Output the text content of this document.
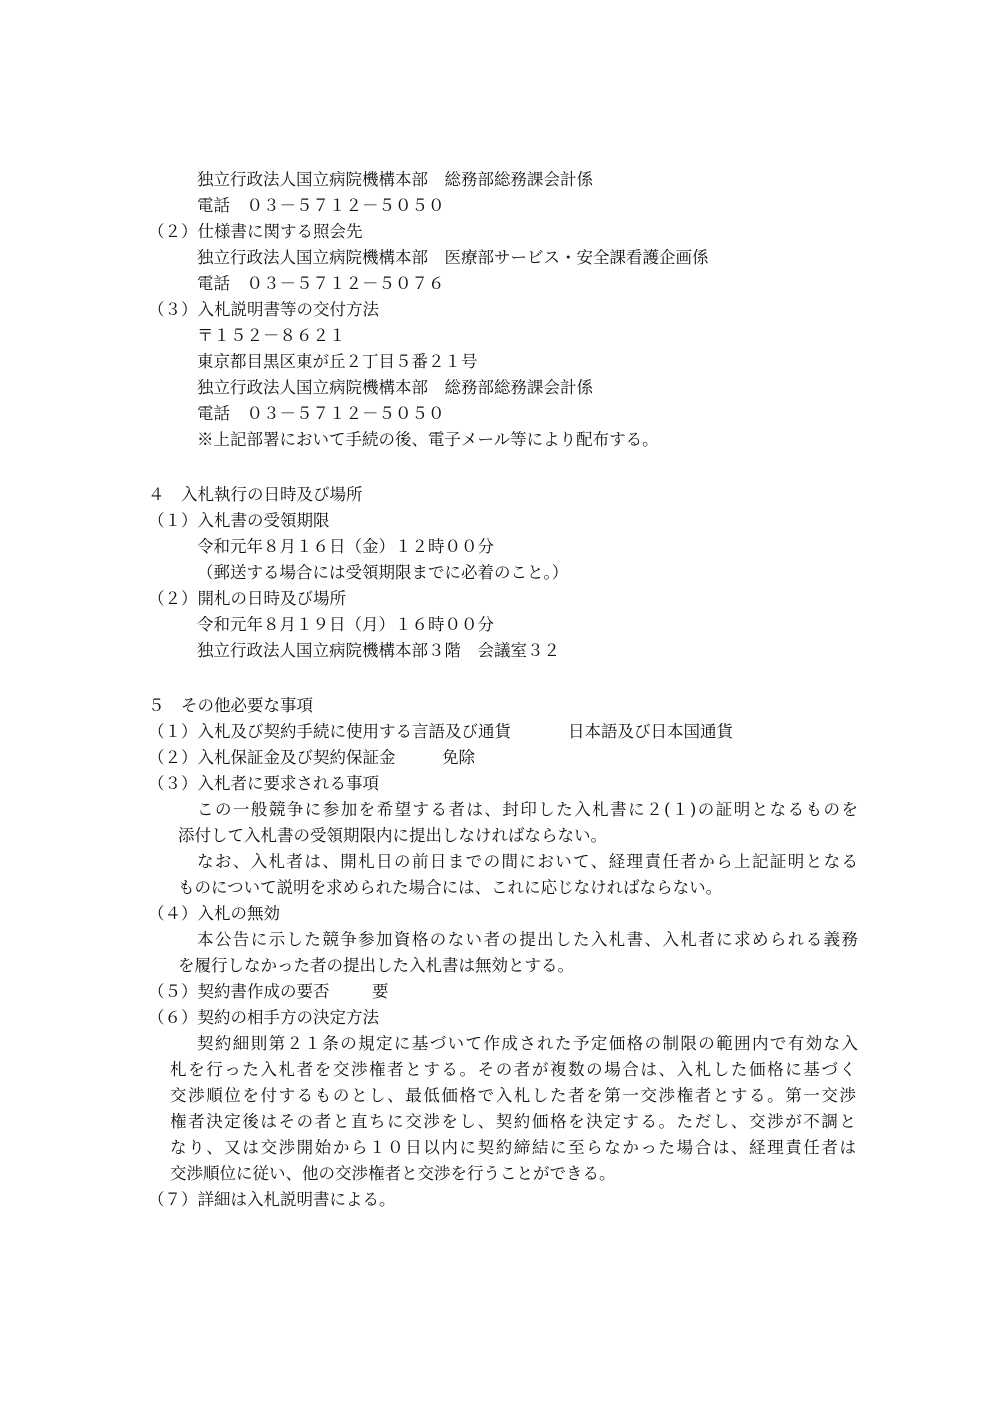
独立行政法人国立病院機構本部　総務部総務課会計係
電話　０３－５７１２－５０５０
（２）仕様書に関する照会先
独立行政法人国立病院機構本部　医療部サービス・安全課看護企画係
電話　０３－５７１２－５０７６
（３）入札説明書等の交付方法
〒１５２－８６２１
東京都目黒区東が丘２丁目５番２１号
独立行政法人国立病院機構本部　総務部総務課会計係
電話　０３－５７１２－５０５０
※上記部署において手続の後、電子メール等により配布する。
４　入札執行の日時及び場所
（１）入札書の受領期限
令和元年８月１６日（金）１２時００分
（郵送する場合には受領期限までに必着のこと。）
（２）開札の日時及び場所
令和元年８月１９日（月）１６時００分
独立行政法人国立病院機構本部３階　会議室３２
５　その他必要な事項
（１）入札及び契約手続に使用する言語及び通貨	日本語及び日本国通貨
（２）入札保証金及び契約保証金	免除
（３）入札者に要求される事項
この一般競争に参加を希望する者は、封印した入札書に２(１)の証明となるものを
添付して入札書の受領期限内に提出しなければならない。
なお、入札者は、開札日の前日までの間において、経理責任者から上記証明となる
ものについて説明を求められた場合には、これに応じなければならない。
（４）入札の無効
本公告に示した競争参加資格のない者の提出した入札書、入札者に求められる義務
を履行しなかった者の提出した入札書は無効とする。
（５）契約書作成の要否	要
（６）契約の相手方の決定方法
契約細則第２１条の規定に基づいて作成された予定価格の制限の範囲内で有効な入
札を行った入札者を交渉権者とする。その者が複数の場合は、入札した価格に基づく
交渉順位を付するものとし、最低価格で入札した者を第一交渉権者とする。第一交渉
権者決定後はその者と直ちに交渉をし、契約価格を決定する。ただし、交渉が不調と
なり、又は交渉開始から１０日以内に契約締結に至らなかった場合は、経理責任者は
交渉順位に従い、他の交渉権者と交渉を行うことができる。
（７）詳細は入札説明書による。
